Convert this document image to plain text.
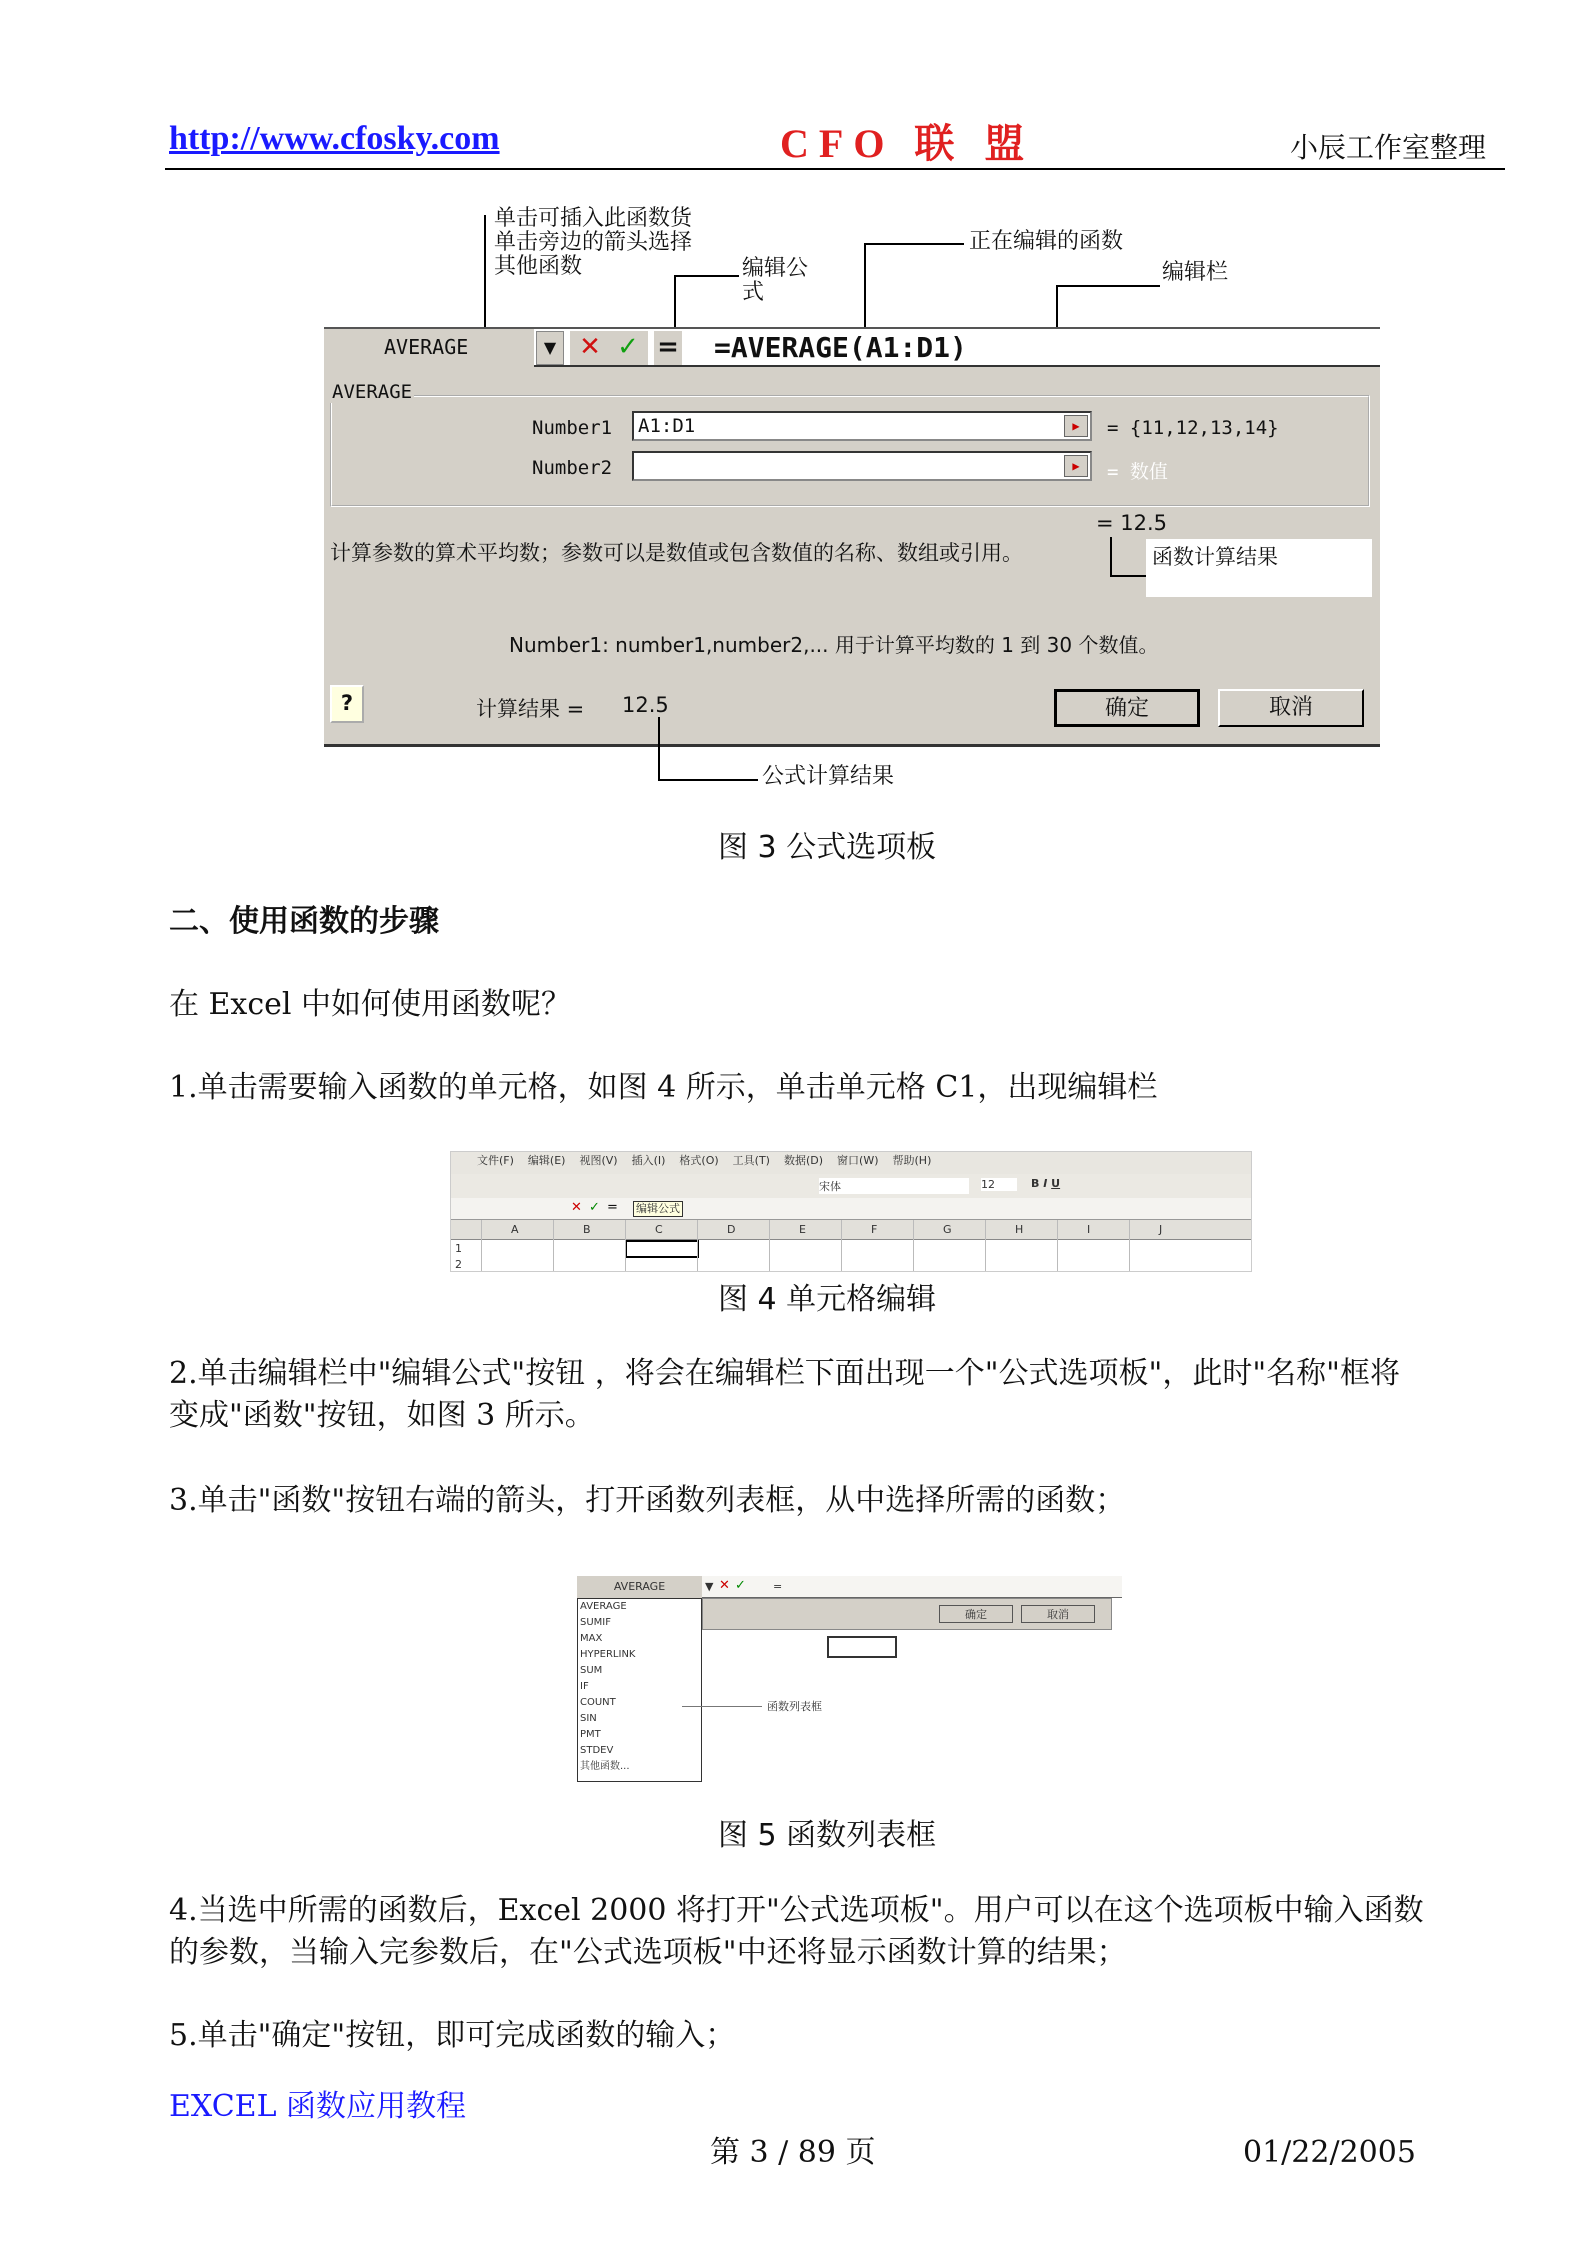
http://www.cfosky.com	CFO 联 盟	小辰工作室整理
单击可插入此函数货
单击旁边的箭头选择
其他函数	编辑公
式
正在编辑的函数
编辑栏
AVERAGE	▼ ✕ ✓ = =AVERAGE(A1:D1)
Number1	A1:D1	▶	= {11,12,13,14}
Number2	▶	= 数值
AVERAGE
= 12.5
计算参数的算术平均数；参数可以是数值或包含数值的名称、数组或引用。	函数计算结果
Number1: number1,number2,... 用于计算平均数的 1 到 30 个数值。
?	计算结果 = 12.5	确定	取消
公式计算结果
图 3 公式选项板
二、使用函数的步骤
在 Excel 中如何使用函数呢？
1.单击需要输入函数的单元格，如图 4 所示，单击单元格 C1，出现编辑栏
文件(F) 编辑(E) 视图(V) 插入(I) 格式(O) 工具(T) 数据(D) 窗口(W) 帮助(H)
宋体	12	B I U
✕ ✓ = 编辑公式
1
2
A	B	C	D	E	F	G	H	I	J
图 4 单元格编辑
2.单击编辑栏中"编辑公式"按钮 ，将会在编辑栏下面出现一个"公式选项板"，此时"名称"框将
变成"函数"按钮，如图 3 所示。
3.单击"函数"按钮右端的箭头，打开函数列表框，从中选择所需的函数；
AVERAGE	▼ ✕ ✓ =
确定	取消
AVERAGE
SUMIF
MAX
HYPERLINK
SUM
IF
COUNT
SIN
PMT
STDEV
其他函数...
函数列表框
图 5 函数列表框
4.当选中所需的函数后，Excel 2000 将打开"公式选项板"。用户可以在这个选项板中输入函数
的参数，当输入完参数后，在"公式选项板"中还将显示函数计算的结果；
5.单击"确定"按钮，即可完成函数的输入；
EXCEL 函数应用教程
第 3 / 89 页	01/22/2005
